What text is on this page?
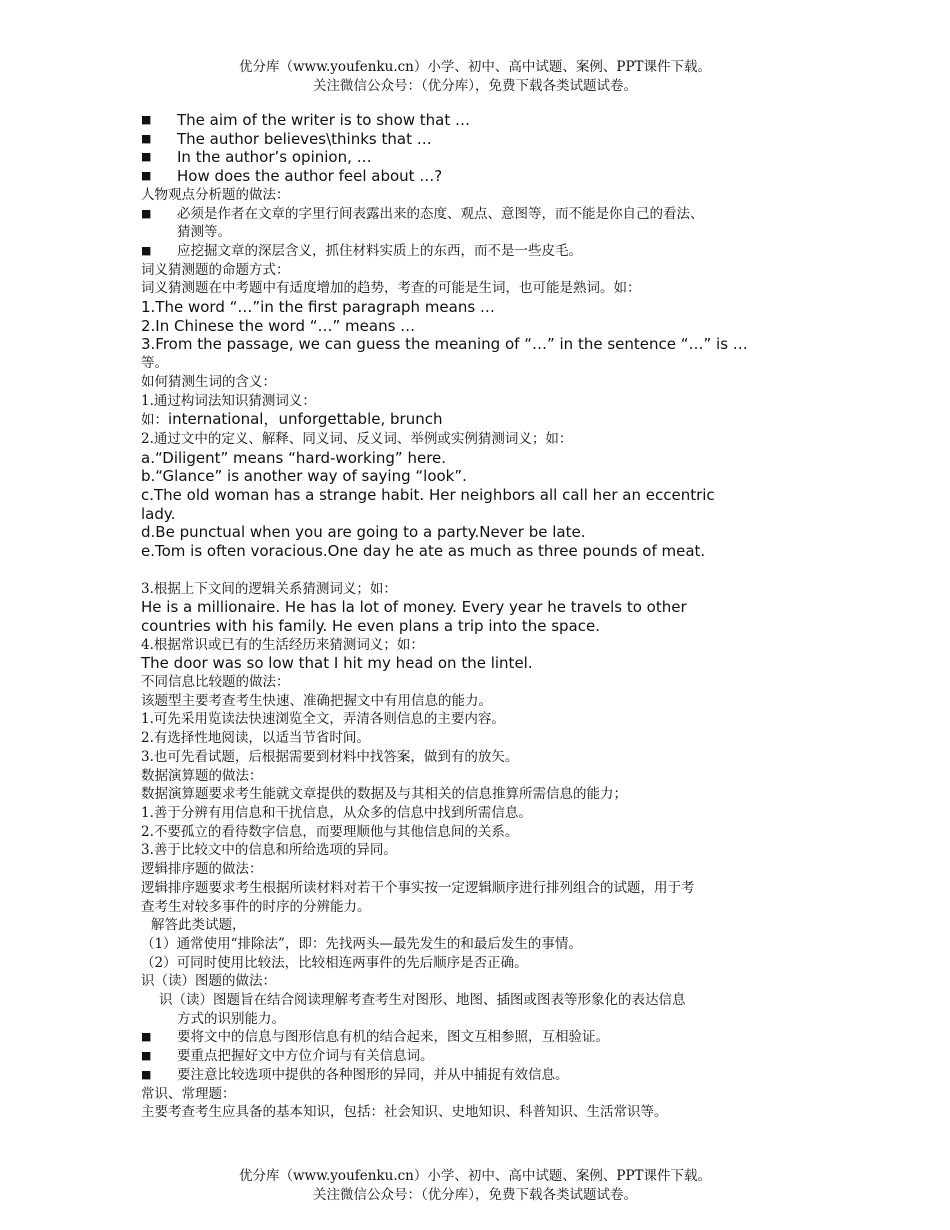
优分库（www.youfenku.cn）小学、初中、高中试题、案例、PPT课件下载。
关注微信公众号：（优分库），免费下载各类试题试卷。
■ The aim of the writer is to show that …
■ The author believes\thinks that …
■ In the author’s opinion, …
■ How does the author feel about …?
人物观点分析题的做法：
■ 必须是作者在文章的字里行间表露出来的态度、观点、意图等，而不能是你自己的看法、
猜测等。
■ 应挖掘文章的深层含义，抓住材料实质上的东西，而不是一些皮毛。
词义猜测题的命题方式：
词义猜测题在中考题中有适度增加的趋势，考查的可能是生词，也可能是熟词。如：
1.The word “…”in the first paragraph means …
2.In Chinese the word “…” means …
3.From the passage, we can guess the meaning of “…” in the sentence “…” is …
等。
如何猜测生词的含义：
1.通过构词法知识猜测词义：
如：international，unforgettable, brunch
2.通过文中的定义、解释、同义词、反义词、举例或实例猜测词义；如：
a.“Diligent” means “hard-working” here.
b.“Glance” is another way of saying “look”.
c.The old woman has a strange habit. Her neighbors all call her an eccentric
lady.
d.Be punctual when you are going to a party.Never be late.
e.Tom is often voracious.One day he ate as much as three pounds of meat.
3.根据上下文间的逻辑关系猜测词义；如：
He is a millionaire. He has la lot of money. Every year he travels to other
countries with his family. He even plans a trip into the space.
4.根据常识或已有的生活经历来猜测词义；如：
The door was so low that I hit my head on the lintel.
不同信息比较题的做法：
该题型主要考查考生快速、准确把握文中有用信息的能力。
1.可先采用览读法快速浏览全文，弄清各则信息的主要内容。
2.有选择性地阅读，以适当节省时间。
3.也可先看试题，后根据需要到材料中找答案，做到有的放矢。
数据演算题的做法：
数据演算题要求考生能就文章提供的数据及与其相关的信息推算所需信息的能力；
1.善于分辨有用信息和干扰信息，从众多的信息中找到所需信息。
2.不要孤立的看待数字信息，而要理顺他与其他信息间的关系。
3.善于比较文中的信息和所给选项的异同。
逻辑排序题的做法：
逻辑排序题要求考生根据所读材料对若干个事实按一定逻辑顺序进行排列组合的试题，用于考
查考生对较多事件的时序的分辨能力。
解答此类试题，
（1）通常使用“排除法”，即：先找两头—最先发生的和最后发生的事情。
（2）可同时使用比较法，比较相连两事件的先后顺序是否正确。
识（读）图题的做法：
识（读）图题旨在结合阅读理解考查考生对图形、地图、插图或图表等形象化的表达信息
方式的识别能力。
■ 要将文中的信息与图形信息有机的结合起来，图文互相参照，互相验证。
■ 要重点把握好文中方位介词与有关信息词。
■ 要注意比较选项中提供的各种图形的异同，并从中捕捉有效信息。
常识、常理题：
主要考查考生应具备的基本知识，包括：社会知识、史地知识、科普知识、生活常识等。
优分库（www.youfenku.cn）小学、初中、高中试题、案例、PPT课件下载。
关注微信公众号：（优分库），免费下载各类试题试卷。
